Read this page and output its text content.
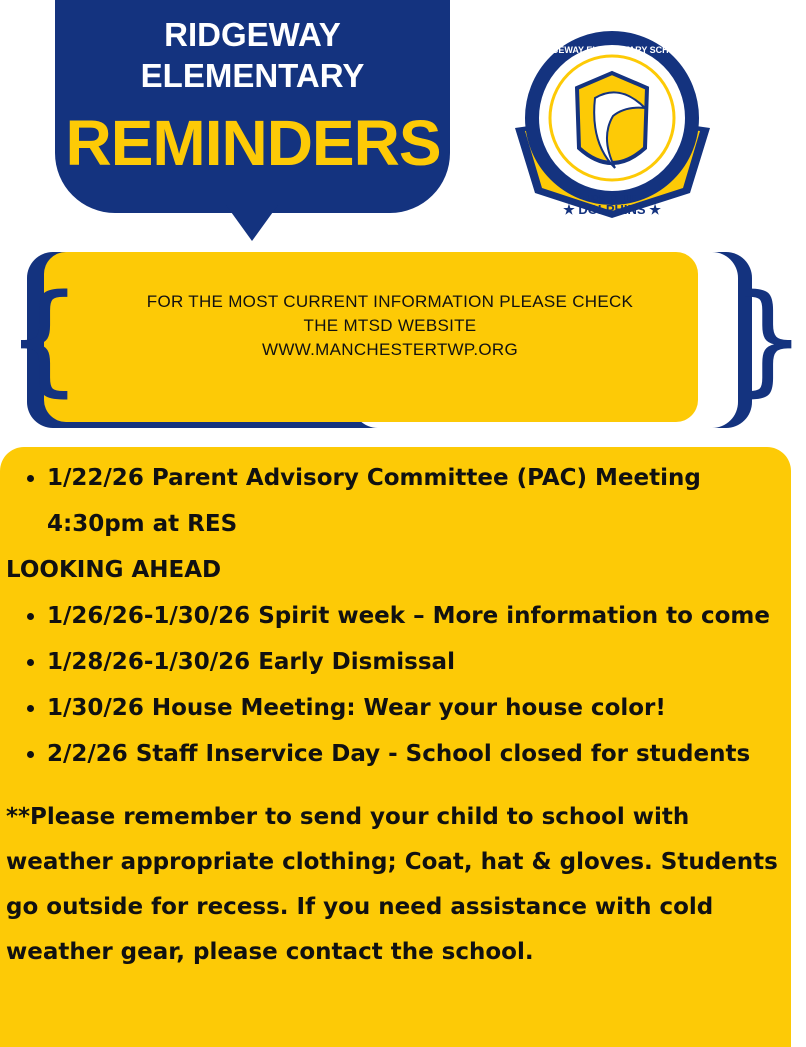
RIDGEWAY
ELEMENTARY
REMINDERS
RIDGEWAY ELEMENTARY SCHOOL
HOME OF THE
★ DOLPHINS ★
{	}
FOR THE MOST CURRENT INFORMATION PLEASE CHECK
THE MTSD WEBSITE
WWW.MANCHESTERTWP.ORG
• 1/22/26 Parent Advisory Committee (PAC) Meeting 4:30pm at RES
LOOKING AHEAD
• 1/26/26-1/30/26 Spirit week – More information to come
• 1/28/26-1/30/26 Early Dismissal
• 1/30/26 House Meeting: Wear your house color!
• 2/2/26 Staff Inservice Day - School closed for students
**Please remember to send your child to school with weather appropriate clothing; Coat, hat & gloves. Students go outside for recess. If you need assistance with cold weather gear, please contact the school.
